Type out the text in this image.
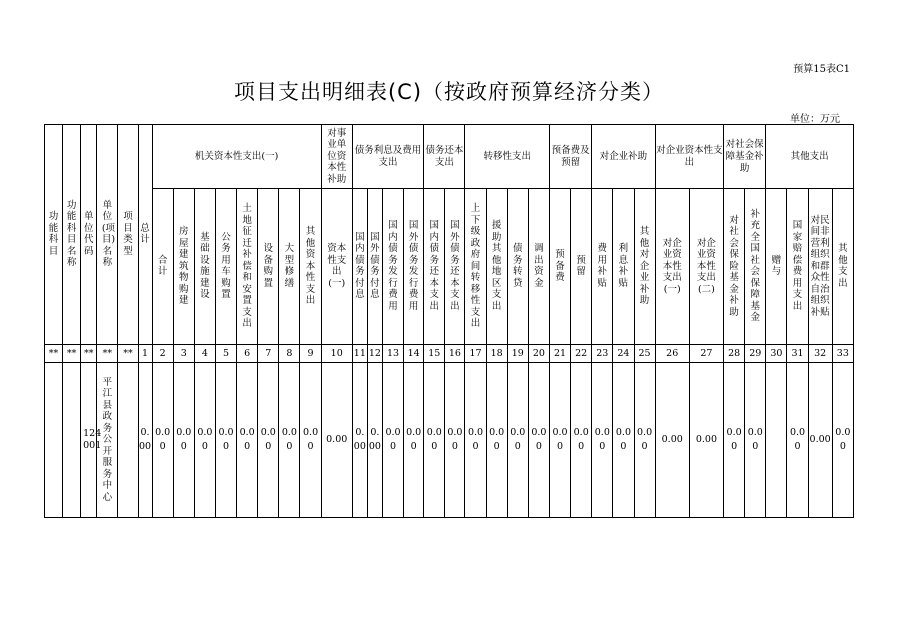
预算15表C1
项目支出明细表(C)（按政府预算经济分类）
单位：万元
功能科目	功能科目名称	单位代码	单位(项目)名称	项目类型	总计	机关资本性支出(一)								对事业单位资本性补助	债务利息及费用支出				债务还本支出		转移性支出				预备费及预留		对企业补助			对企业资本性支出		对社会保障基金补助		其他支出			
						合计	房屋建筑物购建	基础设施建设	公务用车购置	土地征迁补偿和安置支出	设备购置	大型修缮	其他资本性支出	资本性支出(一)	国内债务付息	国外债务付息	国内债务发行费用	国外债务发行费用	国内债务还本支出	国外债务还本支出	上下级政府间转移性支出	援助其他地区支出	债务转贷	调出资金	预备费	预留	费用补贴	利息补贴	其他对企业补助	对企业资本性支出(一)	对企业资本性支出(二)	对社会保险基金补助	补充全国社会保障基金	赠与	国家赔偿费用支出	对民间非营利组织和群众性自治组织补贴	其他支出
**	**	**	**	**	1	2	3	4	5	6	7	8	9	10	11	12	13	14	15	16	17	18	19	20	21	22	23	24	25	26	27	28	29	30	31	32	33
		124001	平江县政务公开服务中心		0.00	0.00	0.00	0.00	0.00	0.00	0.00	0.00	0.00	0.00	0.00	0.00	0.00	0.00	0.00	0.00	0.00	0.00	0.00	0.00	0.00	0.00	0.00	0.00	0.00	0.00	0.00	0.00	0.00		0.00	0.00	0.00
